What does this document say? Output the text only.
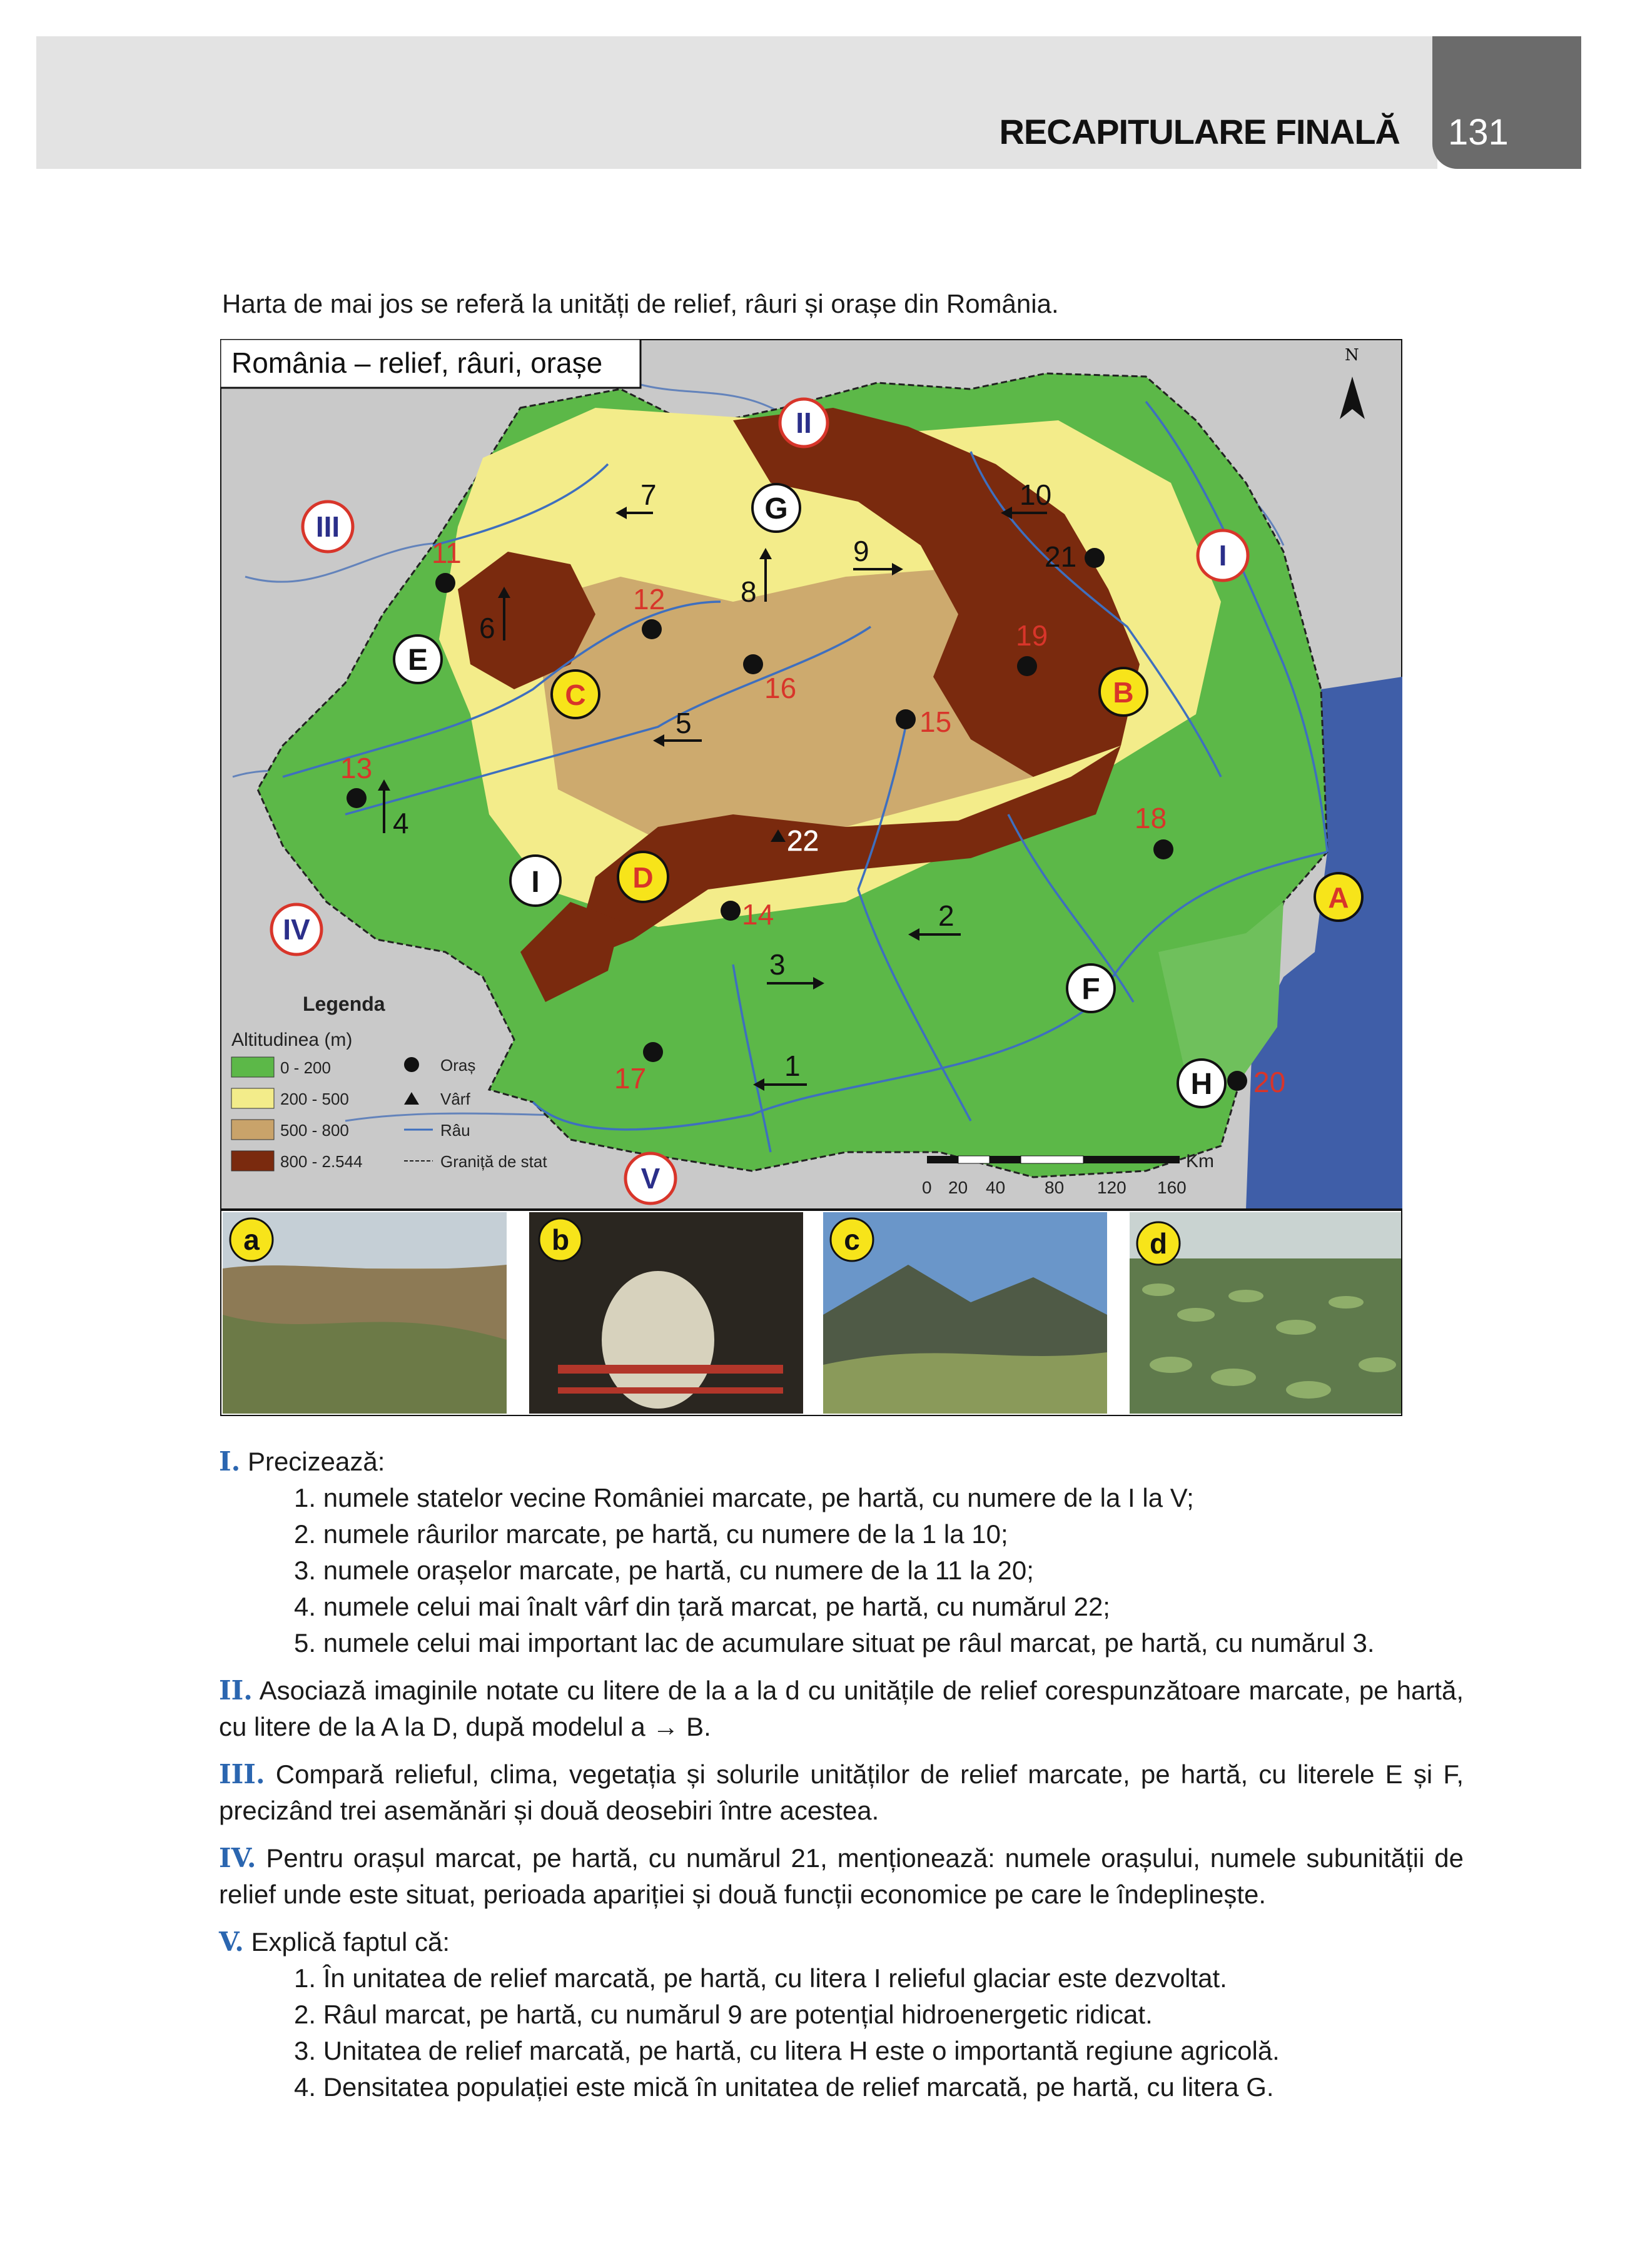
RECAPITULARE FINALĂ 131
Harta de mai jos se referă la unități de relief, râuri și orașe din România.
România – relief, râuri, orașe	N
II
III
I
IV
V
G
E
C	B
I	D
A
F
H
7	10
8
9
6
5
4
2
3
1
11
12
21
19
16
15
13
18
14
17	20
22
Legenda
Altitudinea (m)
0 - 200
200 - 500
500 - 800
800 - 2.544
Oraș
Vârf
Râu
Graniță de stat	Km
0 20 40 80 120 160
a	b	c	d
I. Precizează:
1. numele statelor vecine României marcate, pe hartă, cu numere de la I la V;
2. numele râurilor marcate, pe hartă, cu numere de la 1 la 10;
3. numele orașelor marcate, pe hartă, cu numere de la 11 la 20;
4. numele celui mai înalt vârf din țară marcat, pe hartă, cu numărul 22;
5. numele celui mai important lac de acumulare situat pe râul marcat, pe hartă, cu numărul 3.
II. Asociază imaginile notate cu litere de la a la d cu unitățile de relief corespunzătoare marcate, pe hartă, cu litere de la A la D, după modelul a → B.
III. Compară relieful, clima, vegetația și solurile unităților de relief marcate, pe hartă, cu literele E și F, precizând trei asemănări și două deosebiri între acestea.
IV. Pentru orașul marcat, pe hartă, cu numărul 21, menționează: numele orașului, numele subunității de relief unde este situat, perioada apariției și două funcții economice pe care le îndeplinește.
V. Explică faptul că:
1. În unitatea de relief marcată, pe hartă, cu litera I relieful glaciar este dezvoltat.
2. Râul marcat, pe hartă, cu numărul 9 are potențial hidroenergetic ridicat.
3. Unitatea de relief marcată, pe hartă, cu litera H este o importantă regiune agricolă.
4. Densitatea populației este mică în unitatea de relief marcată, pe hartă, cu litera G.
